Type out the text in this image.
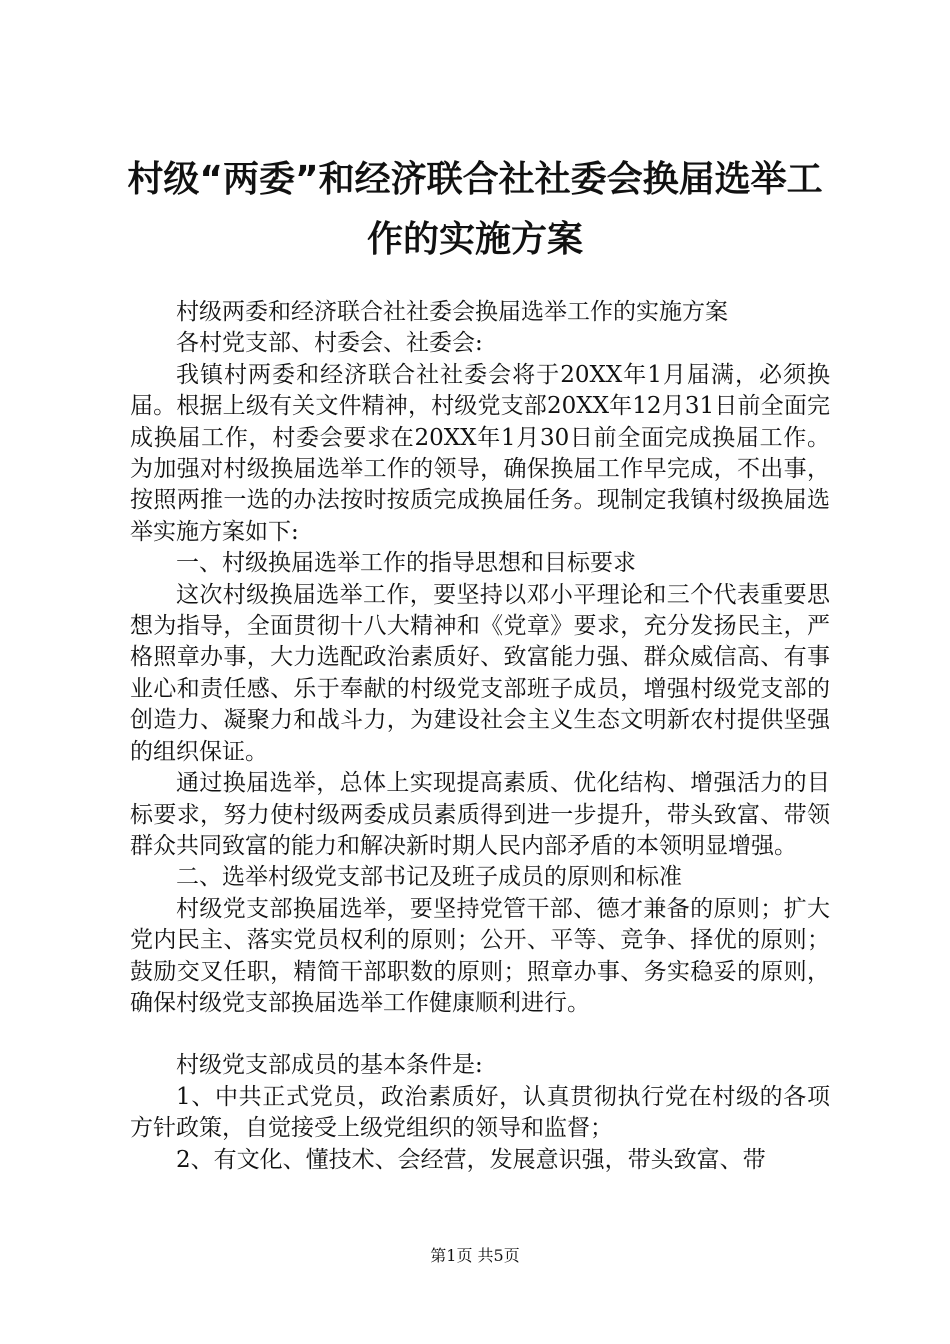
村级“两委”和经济联合社社委会换届选举工
作的实施方案

村级两委和经济联合社社委会换届选举工作的实施方案

各村党支部、村委会、社委会:

我镇村两委和经济联合社社委会将于20XX年1月届满，必须换届。根据上级有关文件精神，村级党支部20XX年12月31日前全面完成换届工作，村委会要求在20XX年1月30日前全面完成换届工作。为加强对村级换届选举工作的领导，确保换届工作早完成，不出事，按照两推一选的办法按时按质完成换届任务。现制定我镇村级换届选举实施方案如下:

一、村级换届选举工作的指导思想和目标要求

这次村级换届选举工作，要坚持以邓小平理论和三个代表重要思想为指导，全面贯彻十八大精神和《党章》要求，充分发扬民主，严格照章办事，大力选配政治素质好、致富能力强、群众威信高、有事业心和责任感、乐于奉献的村级党支部班子成员，增强村级党支部的创造力、凝聚力和战斗力，为建设社会主义生态文明新农村提供坚强的组织保证。

通过换届选举，总体上实现提高素质、优化结构、增强活力的目标要求，努力使村级两委成员素质得到进一步提升，带头致富、带领群众共同致富的能力和解决新时期人民内部矛盾的本领明显增强。

二、选举村级党支部书记及班子成员的原则和标准

村级党支部换届选举，要坚持党管干部、德才兼备的原则；扩大党内民主、落实党员权利的原则；公开、平等、竞争、择优的原则；鼓励交叉任职，精简干部职数的原则；照章办事、务实稳妥的原则，确保村级党支部换届选举工作健康顺利进行。

村级党支部成员的基本条件是:

1、中共正式党员，政治素质好，认真贯彻执行党在村级的各项方针政策，自觉接受上级党组织的领导和监督；

2、有文化、懂技术、会经营，发展意识强，带头致富、带

第1页 共5页
